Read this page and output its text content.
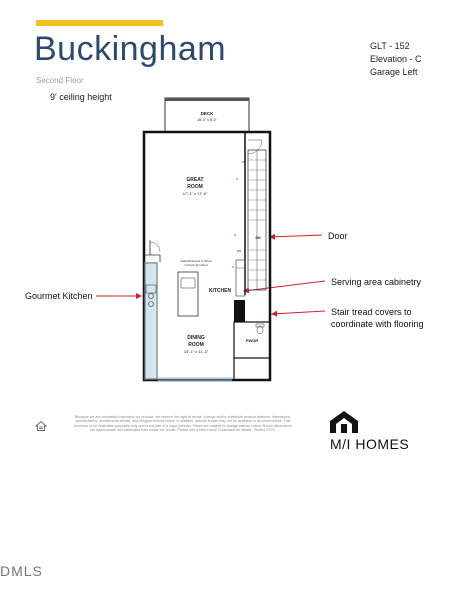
Buckingham
Second Floor
9' ceiling height
GLT - 152
Elevation - C
Garage Left
Door
Serving area cabinetry
Gourmet Kitchen
Stair tread covers to
coordinate with flooring
DECK
15'-0" x 6'-0"
UP
DN
DN
GREAT
ROOM
17'-1" x 17'-6"
Metal Brackets & Wood
Corbels @ Island
KITCHEN
PWDR
DINING
ROOM
15'-1" x 11'-3"
Ø
Ø
Ø
Because we are constantly improving our product, we reserve the right to revise, change and/or substitute product features, dimensions, specifications, architectural details, and designs without notice. In addition, options shown may not be available in all communities. This brochure is for illustrative purposes only and is not part of a legal contract. Prices are subject to change without notice. Room dimensions are approximate and calculated from inside the house. Please see a New Home Consultant for details. Printed 07/21.
M/I HOMES
DMLS
